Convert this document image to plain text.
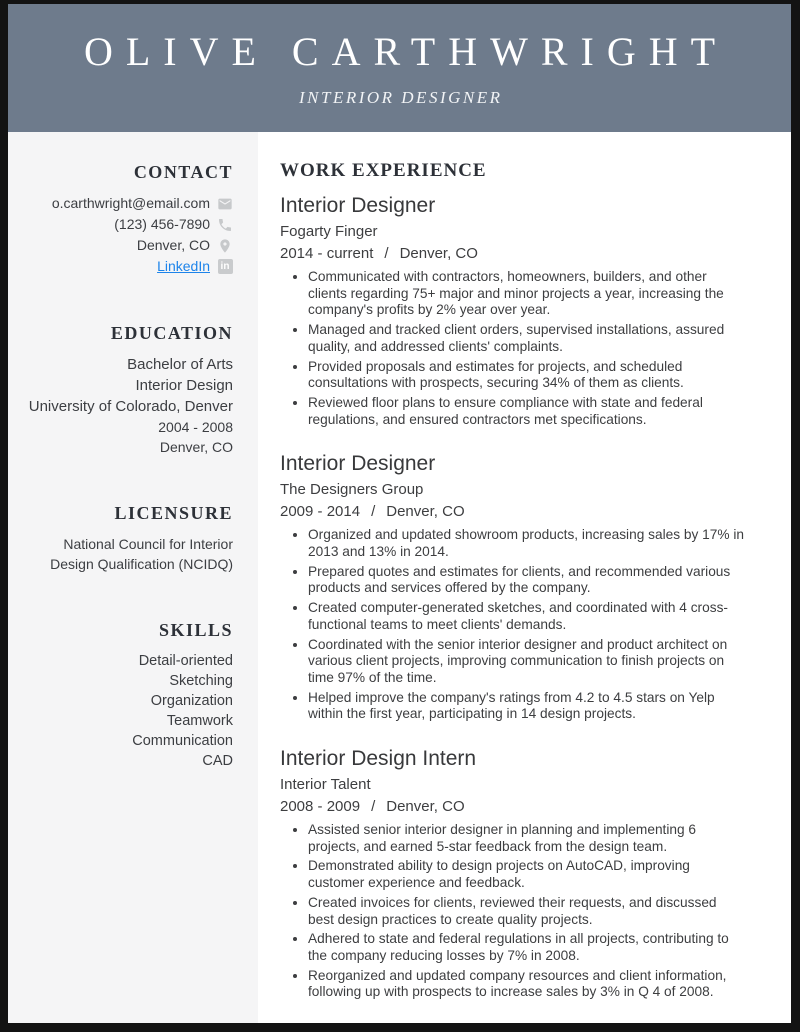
OLIVE CARTHWRIGHT
INTERIOR DESIGNER
CONTACT
o.carthwright@email.com
(123) 456-7890
Denver, CO
LinkedIn	in
EDUCATION
Bachelor of Arts
Interior Design
University of Colorado, Denver
2004 - 2008
Denver, CO
LICENSURE
National Council for Interior Design Qualification (NCIDQ)
SKILLS
Detail-oriented
Sketching
Organization
Teamwork
Communication
CAD
WORK EXPERIENCE
Interior Designer
Fogarty Finger
2014 - current / Denver, CO
• Communicated with contractors, homeowners, builders, and other clients regarding 75+ major and minor projects a year, increasing the company's profits by 2% year over year.
• Managed and tracked client orders, supervised installations, assured quality, and addressed clients' complaints.
• Provided proposals and estimates for projects, and scheduled consultations with prospects, securing 34% of them as clients.
• Reviewed floor plans to ensure compliance with state and federal regulations, and ensured contractors met specifications.
Interior Designer
The Designers Group
2009 - 2014 / Denver, CO
• Organized and updated showroom products, increasing sales by 17% in 2013 and 13% in 2014.
• Prepared quotes and estimates for clients, and recommended various products and services offered by the company.
• Created computer-generated sketches, and coordinated with 4 cross-functional teams to meet clients' demands.
• Coordinated with the senior interior designer and product architect on various client projects, improving communication to finish projects on time 97% of the time.
• Helped improve the company's ratings from 4.2 to 4.5 stars on Yelp within the first year, participating in 14 design projects.
Interior Design Intern
Interior Talent
2008 - 2009 / Denver, CO
• Assisted senior interior designer in planning and implementing 6 projects, and earned 5-star feedback from the design team.
• Demonstrated ability to design projects on AutoCAD, improving customer experience and feedback.
• Created invoices for clients, reviewed their requests, and discussed best design practices to create quality projects.
• Adhered to state and federal regulations in all projects, contributing to the company reducing losses by 7% in 2008.
• Reorganized and updated company resources and client information, following up with prospects to increase sales by 3% in Q 4 of 2008.
